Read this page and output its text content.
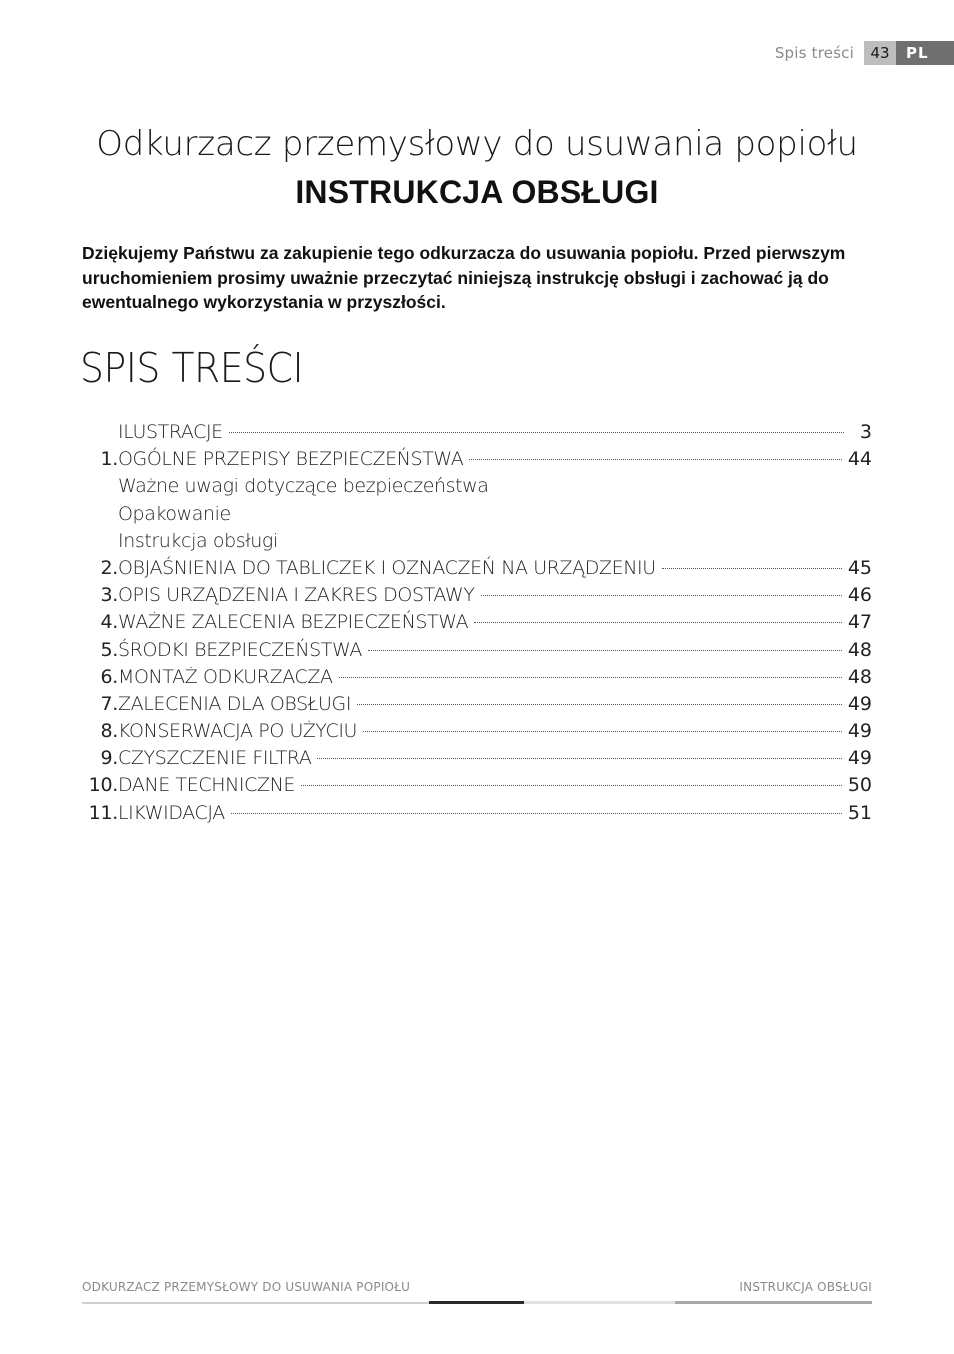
Spis treści	43	PL
Odkurzacz przemysłowy do usuwania popiołu
INSTRUKCJA OBSŁUGI
Dziękujemy Państwu za zakupienie tego odkurzacza do usuwania popiołu. Przed pierwszym uruchomieniem prosimy uważnie przeczytać niniejszą instrukcję obsługi i zachować ją do ewentualnego wykorzystania w przyszłości.
SPIS TREŚCI
ILUSTRACJE	3
1. OGÓLNE PRZEPISY BEZPIECZEŃSTWA	44
Ważne uwagi dotyczące bezpieczeństwa
Opakowanie
Instrukcja obsługi
2. OBJAŚNIENIA DO TABLICZEK I OZNACZEŃ NA URZĄDZENIU	45
3. OPIS URZĄDZENIA I ZAKRES DOSTAWY	46
4. WAŻNE ZALECENIA BEZPIECZEŃSTWA	47
5. ŚRODKI BEZPIECZEŃSTWA	48
6. MONTAŻ ODKURZACZA	48
7. ZALECENIA DLA OBSŁUGI	49
8. KONSERWACJA PO UŻYCIU	49
9. CZYSZCZENIE FILTRA	49
10. DANE TECHNICZNE	50
11. LIKWIDACJA	51
ODKURZACZ PRZEMYSŁOWY DO USUWANIA POPIOŁU	INSTRUKCJA OBSŁUGI
